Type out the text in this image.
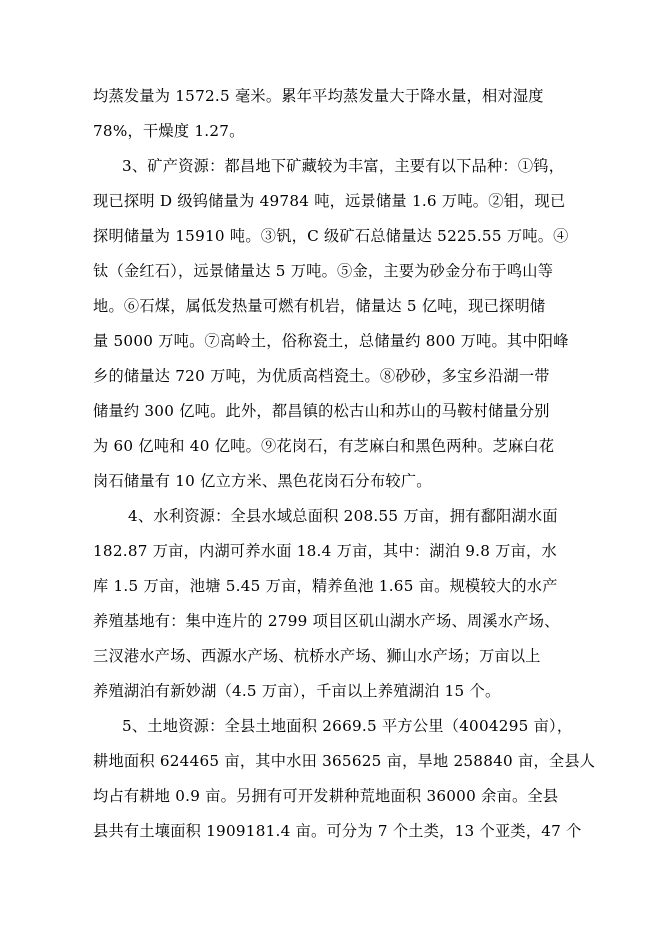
均蒸发量为 1572.5 毫米。累年平均蒸发量大于降水量，相对湿度
78%，干燥度 1.27。
3、矿产资源：都昌地下矿藏较为丰富，主要有以下品种：①钨，
现已探明 D 级钨储量为 49784 吨，远景储量 1.6 万吨。②钼，现已
探明储量为 15910 吨。③钒，C 级矿石总储量达 5225.55 万吨。④
钛（金红石），远景储量达 5 万吨。⑤金，主要为砂金分布于鸣山等
地。⑥石煤，属低发热量可燃有机岩，储量达 5 亿吨，现已探明储
量 5000 万吨。⑦高岭土，俗称瓷土，总储量约 800 万吨。其中阳峰
乡的储量达 720 万吨，为优质高档瓷土。⑧砂砂，多宝乡沿湖一带
储量约 300 亿吨。此外，都昌镇的松古山和苏山的马鞍村储量分别
为 60 亿吨和 40 亿吨。⑨花岗石，有芝麻白和黑色两种。芝麻白花
岗石储量有 10 亿立方米、黑色花岗石分布较广。
4、水利资源：全县水域总面积 208.55 万亩，拥有鄱阳湖水面
182.87 万亩，内湖可养水面 18.4 万亩，其中：湖泊 9.8 万亩，水
库 1.5 万亩，池塘 5.45 万亩，精养鱼池 1.65 亩。规模较大的水产
养殖基地有：集中连片的 2799 项目区矶山湖水产场、周溪水产场、
三汊港水产场、西源水产场、杭桥水产场、狮山水产场；万亩以上
养殖湖泊有新妙湖（4.5 万亩），千亩以上养殖湖泊 15 个。
5、土地资源：全县土地面积 2669.5 平方公里（4004295 亩），
耕地面积 624465 亩，其中水田 365625 亩，旱地 258840 亩，全县人
均占有耕地 0.9 亩。另拥有可开发耕种荒地面积 36000 余亩。全县
县共有土壤面积 1909181.4 亩。可分为 7 个土类，13 个亚类，47 个
